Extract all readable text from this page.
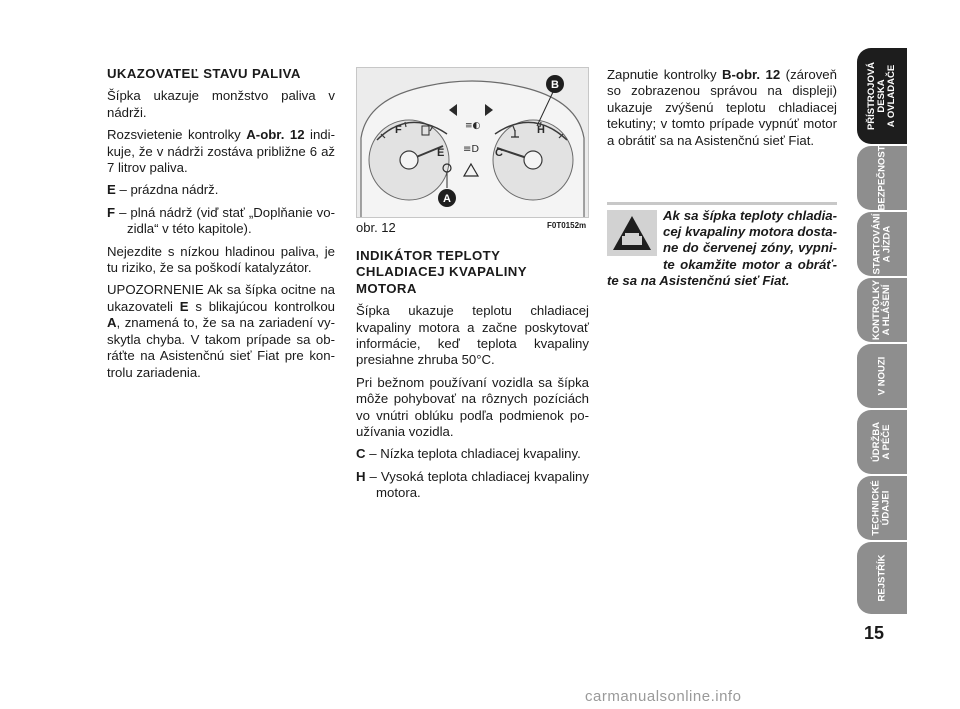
UKAZOVATEĽ STAVU PALIVA

Šípka ukazuje monžstvo paliva v nádrži.

Rozsvietenie kontrolky A-obr. 12 indikuje, že v nádrži zostáva približne 6 až 7 litrov paliva.

E – prázdna nádrž.

F – plná nádrž (viď stať „Doplňanie vozidla“ v této kapitole).

Nejezdite s nízkou hladinou paliva, je tu riziko, že sa poškodí katalyzátor.

UPOZORNENIE Ak sa šípka ocitne na ukazovateli E s blikajúcou kontrolkou A, znamená to, že sa na zariadení vyskytla chyba. V takom prípade sa obráťte na Asistenčnú sieť Fiat pre kontrolu zariadenia.

≡◐
≡D
A
B
F
E	C
H
obr. 12	F0T0152m

INDIKÁTOR TEPLOTY CHLADIACEJ KVAPALINY MOTORA

Šípka ukazuje teplotu chladiacej kvapaliny motora a začne poskytovať informácie, keď teplota kvapaliny presiahne zhruba 50°C.

Pri bežnom používaní vozidla sa šípka môže pohybovať na rôznych pozíciách vo vnútri oblúku podľa podmienok používania vozidla.

C – Nízka teplota chladiacej kvapaliny.

H – Vysoká teplota chladiacej kvapaliny motora.

Zapnutie kontrolky B-obr. 12 (zároveň so zobrazenou správou na displeji) ukazuje zvýšenú teplotu chladiacej tekutiny; v tomto prípade vypnúť motor a obrátiť sa na Asistenčnú sieť Fiat.

Ak sa šípka teploty chladiacej kvapaliny motora dostane do červenej zóny, vypnite okamžite motor a obráťte sa na Asistenčnú sieť Fiat.

PŘÍSTROJOVÁ
DESKA
A OVLADAČE
BEZPEČNOST
STARTOVÁNÍ
A JÍZDA
KONTROLKY
A HLÁŠENÍ
V NOUZI
ÚDRŽBA
A PÉČE
TECHNICKÉ
ÚDAJEI
REJSTŘÍK
15
carmanualsonline.info
